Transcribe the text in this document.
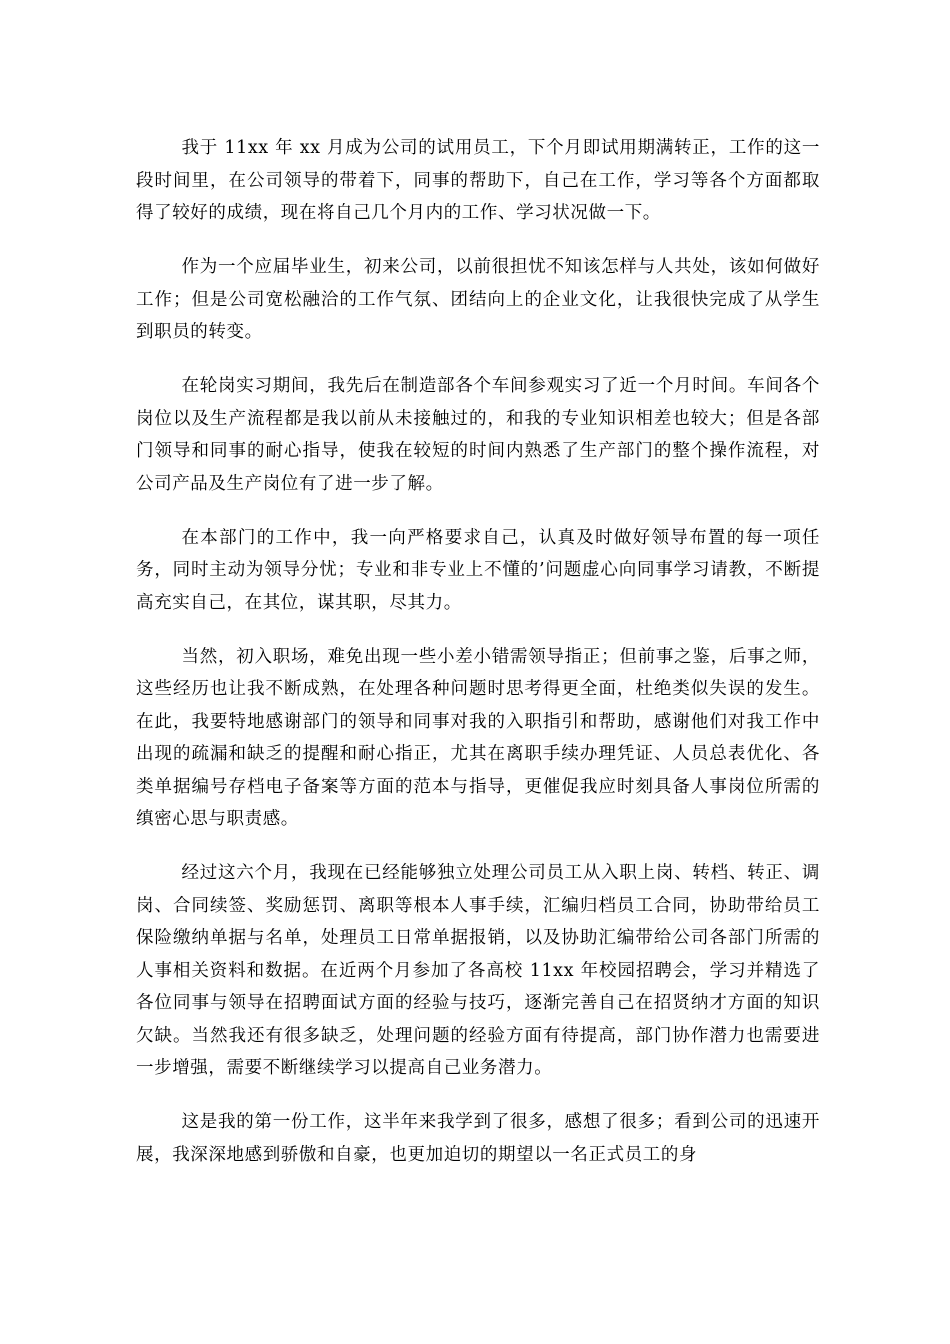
我于 11xx 年 xx 月成为公司的试用员工，下个月即试用期满转正，工作的这一段时间里，在公司领导的带着下，同事的帮助下，自己在工作，学习等各个方面都取得了较好的成绩，现在将自己几个月内的工作、学习状况做一下。

作为一个应届毕业生，初来公司，以前很担忧不知该怎样与人共处，该如何做好工作；但是公司宽松融洽的工作气氛、团结向上的企业文化，让我很快完成了从学生到职员的转变。

在轮岗实习期间，我先后在制造部各个车间参观实习了近一个月时间。车间各个岗位以及生产流程都是我以前从未接触过的，和我的专业知识相差也较大；但是各部门领导和同事的耐心指导，使我在较短的时间内熟悉了生产部门的整个操作流程，对公司产品及生产岗位有了进一步了解。

在本部门的工作中，我一向严格要求自己，认真及时做好领导布置的每一项任务，同时主动为领导分忧；专业和非专业上不懂的’问题虚心向同事学习请教，不断提高充实自己，在其位，谋其职，尽其力。

当然，初入职场，难免出现一些小差小错需领导指正；但前事之鉴，后事之师，这些经历也让我不断成熟，在处理各种问题时思考得更全面，杜绝类似失误的发生。在此，我要特地感谢部门的领导和同事对我的入职指引和帮助，感谢他们对我工作中出现的疏漏和缺乏的提醒和耐心指正，尤其在离职手续办理凭证、人员总表优化、各类单据编号存档电子备案等方面的范本与指导，更催促我应时刻具备人事岗位所需的缜密心思与职责感。

经过这六个月，我现在已经能够独立处理公司员工从入职上岗、转档、转正、调岗、合同续签、奖励惩罚、离职等根本人事手续，汇编归档员工合同，协助带给员工保险缴纳单据与名单，处理员工日常单据报销，以及协助汇编带给公司各部门所需的人事相关资料和数据。在近两个月参加了各高校 11xx 年校园招聘会，学习并精选了各位同事与领导在招聘面试方面的经验与技巧，逐渐完善自己在招贤纳才方面的知识欠缺。当然我还有很多缺乏，处理问题的经验方面有待提高，部门协作潜力也需要进一步增强，需要不断继续学习以提高自己业务潜力。

这是我的第一份工作，这半年来我学到了很多，感想了很多；看到公司的迅速开展，我深深地感到骄傲和自豪，也更加迫切的期望以一名正式员工的身
